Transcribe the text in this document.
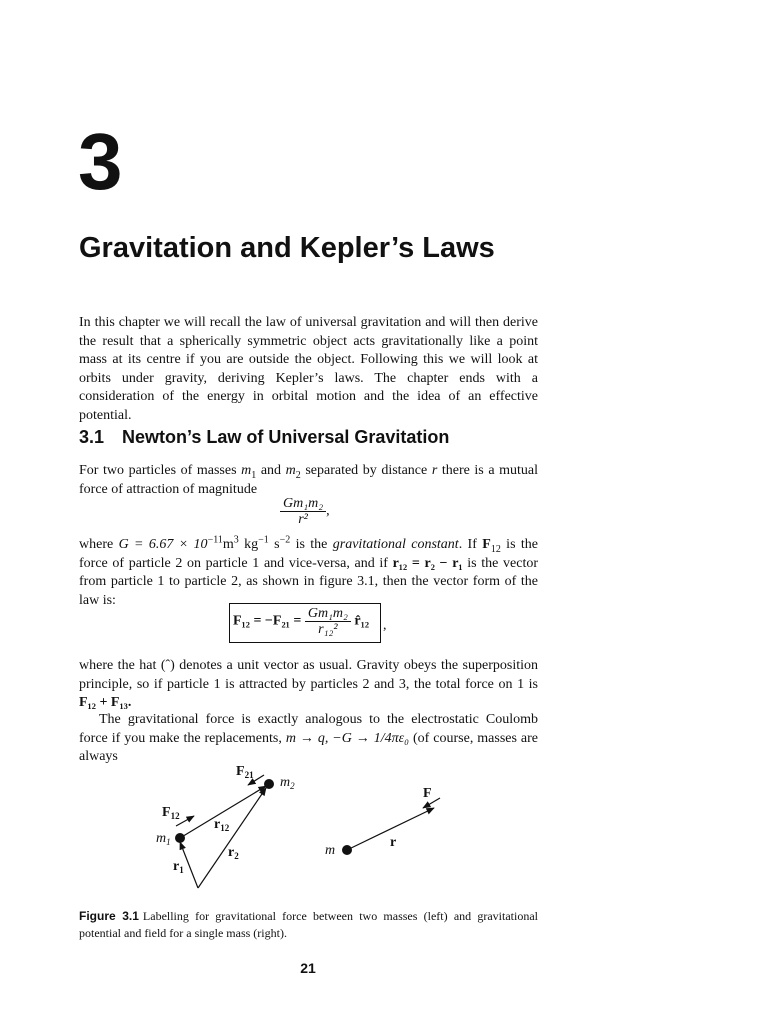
3
Gravitation and Kepler’s Laws

In this chapter we will recall the law of universal gravitation and will then derive the result that a spherically symmetric object acts gravitationally like a point mass at its centre if you are outside the object. Following this we will look at orbits under gravity, deriving Kepler’s laws. The chapter ends with a consideration of the energy in orbital motion and the idea of an effective potential.

3.1 Newton’s Law of Universal Gravitation

For two particles of masses $m_1$ and $m_2$ separated by distance r there is a mutual force of attraction of magnitude

$\frac{\text{Gm₁m₂}}{\text{r²}}$ ,

where $G = 6.67 \times 10^{-11}m^3$ $kg^{-1}$ $s^{-2}$ is the gravitational constant. If $F_{12}$ is the force of particle 2 on particle 1 and vice-versa, and if r₁₂ = r₂ − r₁ is the vector from particle 1 to particle 2, as shown in figure 3.1, then the vector form of the law is:

$F_{12} = -F_{21} = \frac{\text{Gm₁m₂}}{\text{r₁₂²}}$ r̂₁₂ ,

where the hat (ˆ) denotes a unit vector as usual. Gravity obeys the superposition principle, so if particle 1 is attracted by particles 2 and 3, the total force on 1 is F₁₂ + F₁₃.

The gravitational force is exactly analogous to the electrostatic Coulomb force if you make the replacements, m → q, −G → 1/4πε₀ (of course, masses are always

$F_{21}$ $m_2$
$F_{12}$
$r_{12}$
$m_1$
$r_2$
$r_1$
F
m
r
Figure 3.1 Labelling for gravitational force between two masses (left) and gravitational potential and field for a single mass (right).
21
